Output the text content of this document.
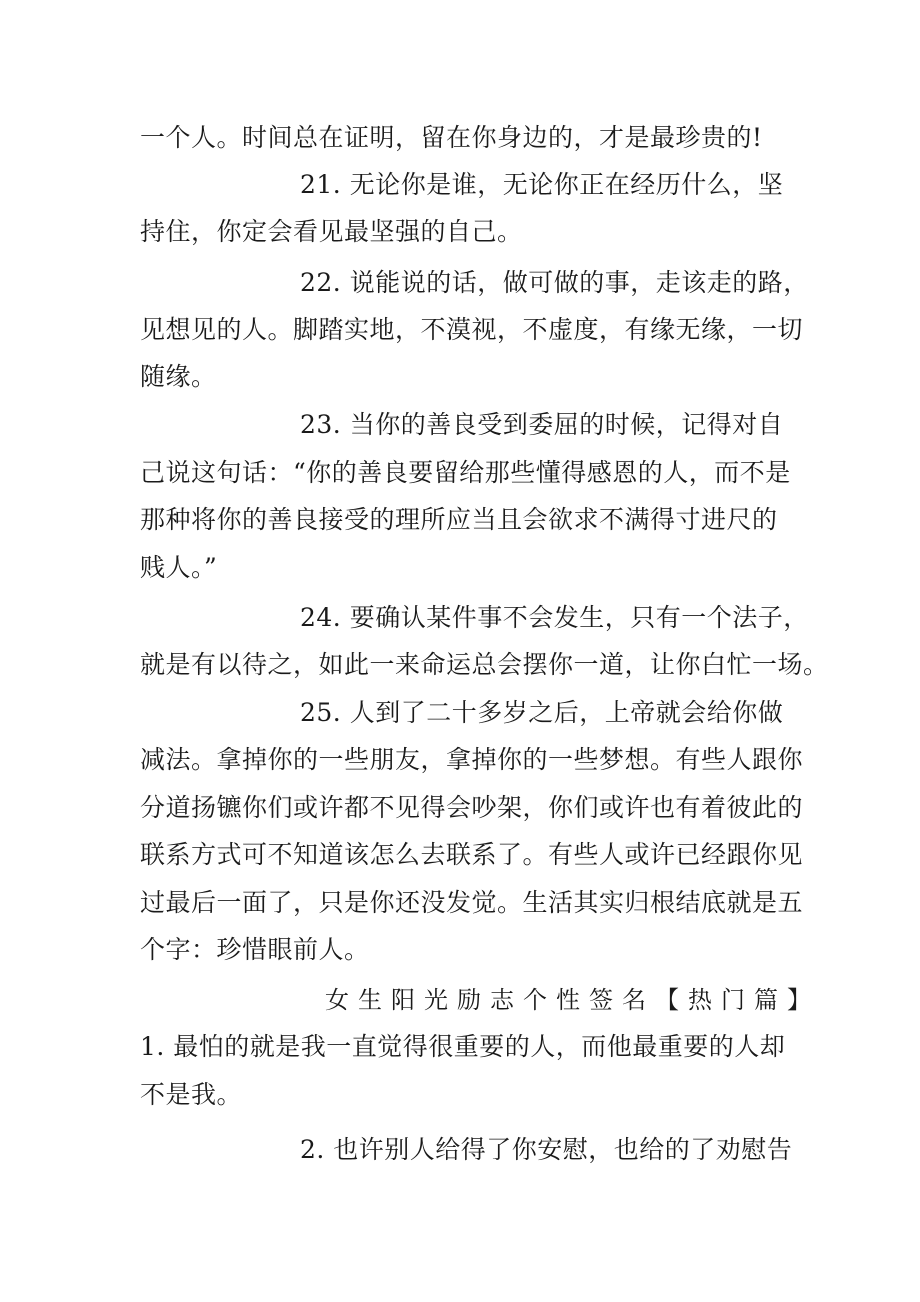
一个人。时间总在证明，留在你身边的，才是最珍贵的!
21. 无论你是谁，无论你正在经历什么，坚
持住，你定会看见最坚强的自己。
22. 说能说的话，做可做的事，走该走的路，
见想见的人。脚踏实地，不漠视，不虚度，有缘无缘，一切
随缘。
23. 当你的善良受到委屈的时候，记得对自
己说这句话：“你的善良要留给那些懂得感恩的人，而不是
那种将你的善良接受的理所应当且会欲求不满得寸进尺的
贱人。”
24. 要确认某件事不会发生，只有一个法子，
就是有以待之，如此一来命运总会摆你一道，让你白忙一场。
25. 人到了二十多岁之后，上帝就会给你做
减法。拿掉你的一些朋友，拿掉你的一些梦想。有些人跟你
分道扬镳你们或许都不见得会吵架，你们或许也有着彼此的
联系方式可不知道该怎么去联系了。有些人或许已经跟你见
过最后一面了，只是你还没发觉。生活其实归根结底就是五
个字：珍惜眼前人。
女生阳光励志个性签名【热门篇】
1. 最怕的就是我一直觉得很重要的人，而他最重要的人却
不是我。
2. 也许别人给得了你安慰，也给的了劝慰告
